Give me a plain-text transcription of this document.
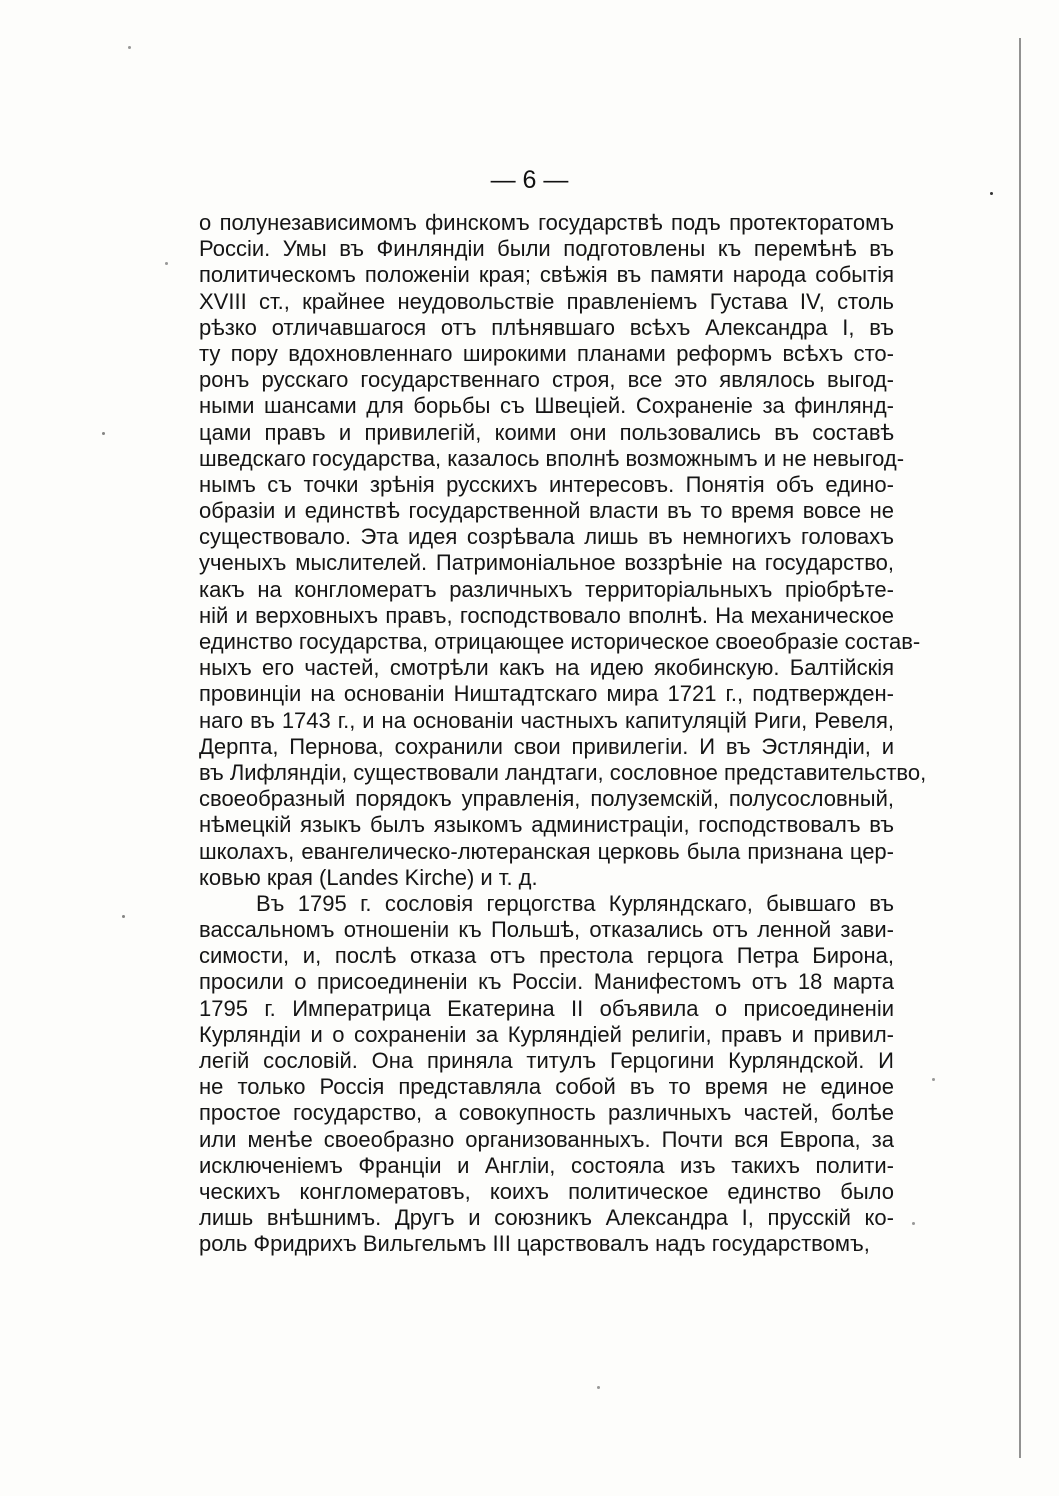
— 6 —

о полунезависимомъ финскомъ государствѣ подъ протекторатомъ
Россіи. Умы въ Финляндіи были подготовлены къ перемѣнѣ въ
политическомъ положеніи края; свѣжія въ памяти народа событія
XVIII ст., крайнее неудовольствіе правленіемъ Густава IV, столь
рѣзко отличавшагося отъ плѣнявшаго всѣхъ Александра I, въ
ту пору вдохновленнаго широкими планами реформъ всѣхъ сто-
ронъ русскаго государственнаго строя, все это являлось выгод-
ными шансами для борьбы съ Швеціей. Сохраненіе за финлянд-
цами правъ и привилегій, коими они пользовались въ составѣ
шведскаго государства, казалось вполнѣ возможнымъ и не невыгод-
нымъ съ точки зрѣнія русскихъ интересовъ. Понятія объ едино-
образіи и единствѣ государственной власти въ то время вовсе не
существовало. Эта идея созрѣвала лишь въ немногихъ головахъ
ученыхъ мыслителей. Патримоніальное воззрѣніе на государство,
какъ на конгломератъ различныхъ территоріальныхъ пріобрѣте-
ній и верховныхъ правъ, господствовало вполнѣ. На механическое
единство государства, отрицающее историческое своеобразіе состав-
ныхъ его частей, смотрѣли какъ на идею якобинскую. Балтійскія
провинціи на основаніи Ништадтскаго мира 1721 г., подтвержден-
наго въ 1743 г., и на основаніи частныхъ капитуляцій Риги, Ревеля,
Дерпта, Пернова, сохранили свои привилегіи. И въ Эстляндіи, и
въ Лифляндіи, существовали ландтаги, сословное представительство,
своеобразный порядокъ управленія, полуземскій, полусословный,
нѣмецкій языкъ былъ языкомъ администраціи, господствовалъ въ
школахъ, евангелическо-лютеранская церковь была признана цер-
ковью края (Landes Kirche) и т. д.
Въ 1795 г. сословія герцогства Курляндскаго, бывшаго въ
вассальномъ отношеніи къ Польшѣ, отказались отъ ленной зави-
симости, и, послѣ отказа отъ престола герцога Петра Бирона,
просили о присоединеніи къ Россіи. Манифестомъ отъ 18 марта
1795 г. Императрица Екатерина II объявила о присоединеніи
Курляндіи и о сохраненіи за Курляндіей религіи, правъ и привил-
легій сословій. Она приняла титулъ Герцогини Курляндской. И
не только Россія представляла собой въ то время не единое
простое государство, а совокупность различныхъ частей, болѣе
или менѣе своеобразно организованныхъ. Почти вся Европа, за
исключеніемъ Франціи и Англіи, состояла изъ такихъ полити-
ческихъ конгломератовъ, коихъ политическое единство было
лишь внѣшнимъ. Другъ и союзникъ Александра I, прусскій ко-
роль Фридрихъ Вильгельмъ III царствовалъ надъ государствомъ,
